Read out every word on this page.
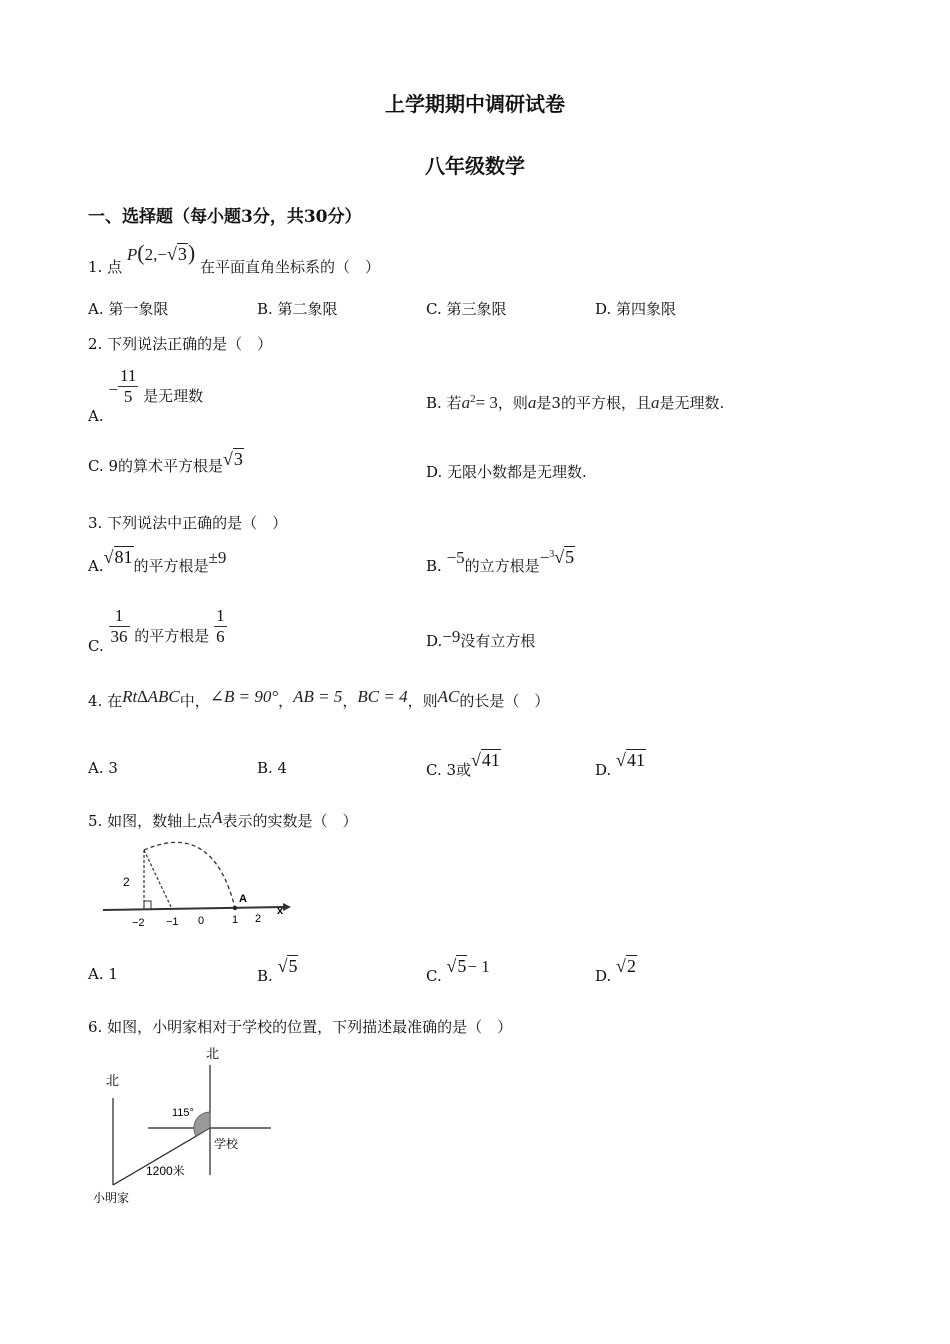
上学期期中调研试卷
八年级数学
一、选择题（每小题3分，共30分）
1. 点 P(2,−√3) 在平面直角坐标系的（　）
A. 第一象限	B. 第二象限	C. 第三象限	D. 第四象限
2. 下列说法正确的是（　）
A. − $\frac{11}{5}$ 是无理数	B. 若$a^2= 3$，则a是3的平方根，且a是无理数.
C. 9的算术平方根是√3
D. 无限小数都是无理数.
3. 下列说法中正确的是（　）
A.√81的平方根是±9	B. −5的立方根是−$^3$√5
C. $\frac{1}{36}$ 的平方根是 $\frac{1}{6}$	D.−9没有立方根
4. 在Rt∆ABC中，∠B = 90°，AB = 5，BC = 4，则AC的长是（　）
A. 3	B. 4	C. 3或√41	D. √41
5. 如图，数轴上点A表示的实数是（　）
2
A
x
−2 −1 0	1 2
A. 1	B. √5	C. √5− 1	D. √2
6. 如图，小明家相对于学校的位置，下列描述最准确的是（　）
北
北
115°
学校
1200米
小明家
